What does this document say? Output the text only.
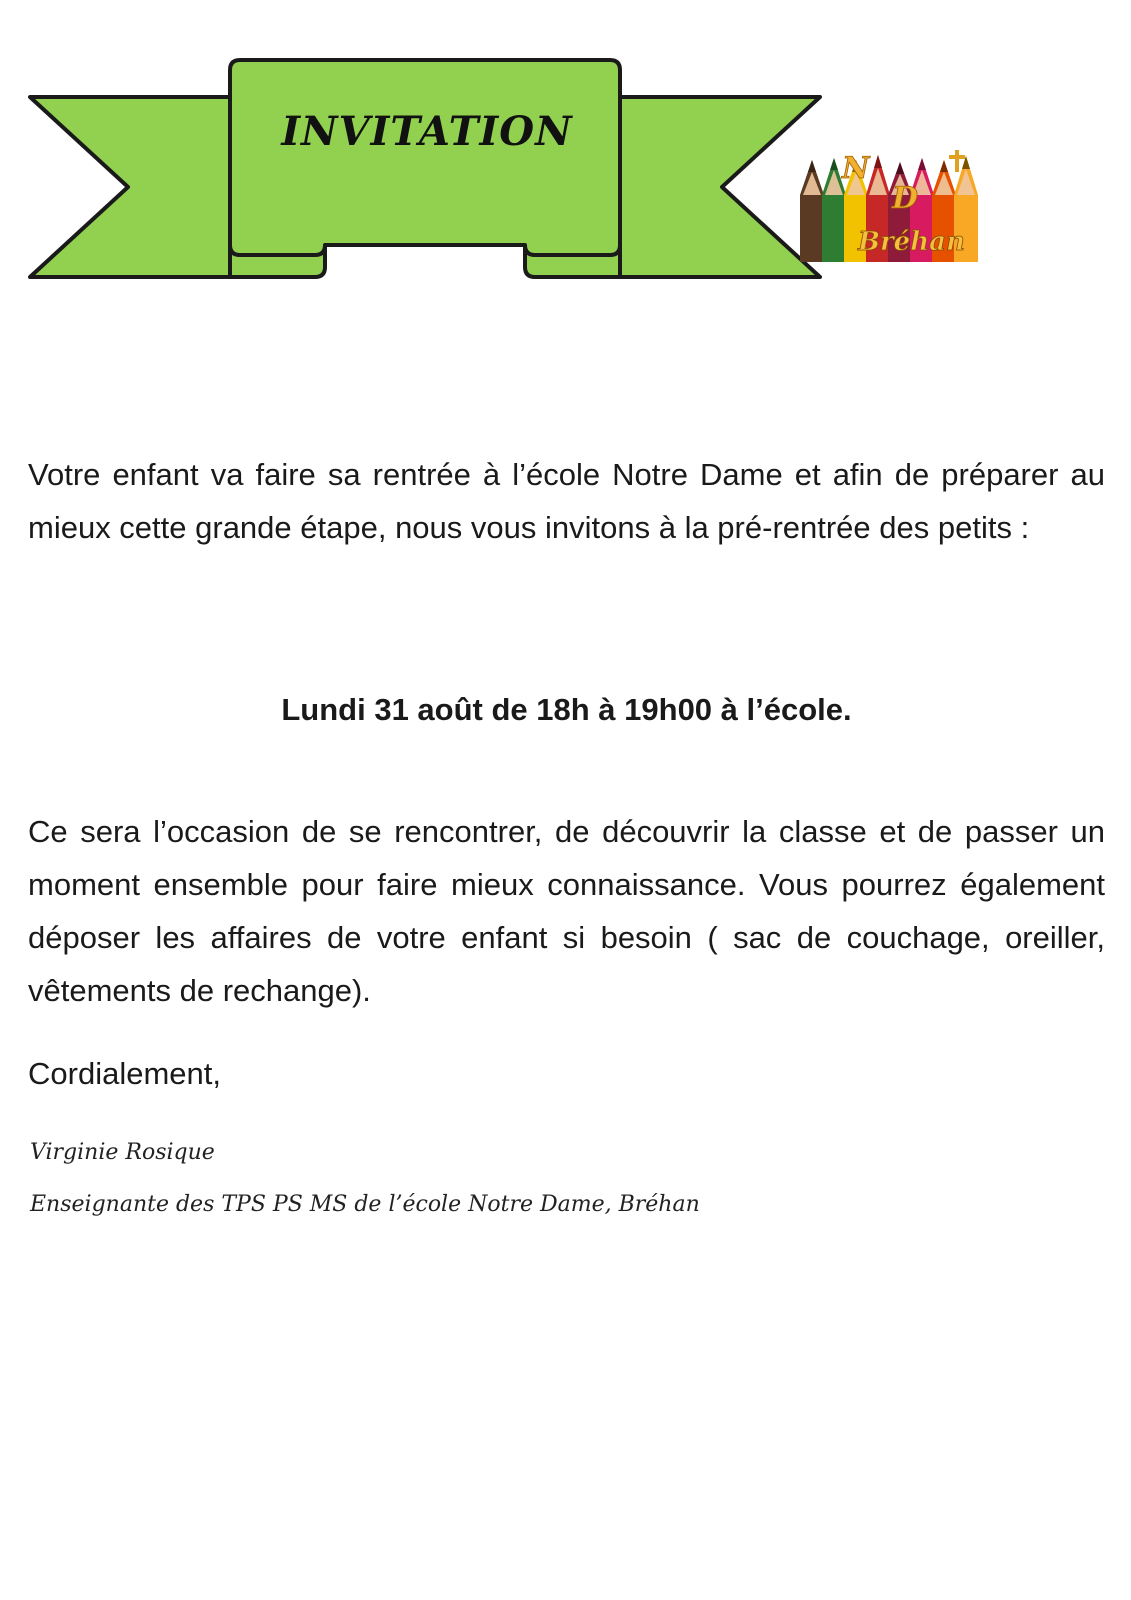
INVITATION
N
D
Bréhan

Votre enfant va faire sa rentrée à l’école Notre Dame et afin de préparer au mieux cette grande étape, nous vous invitons à la pré-rentrée des petits :

Lundi 31 août de 18h à 19h00 à l’école.

Ce sera l’occasion de se rencontrer, de découvrir la classe et de passer un moment ensemble pour faire mieux connaissance. Vous pourrez également déposer les affaires de votre enfant si besoin ( sac de couchage, oreiller, vêtements de rechange).

Cordialement,

Virginie Rosique

Enseignante des TPS PS MS de l’école Notre Dame, Bréhan
